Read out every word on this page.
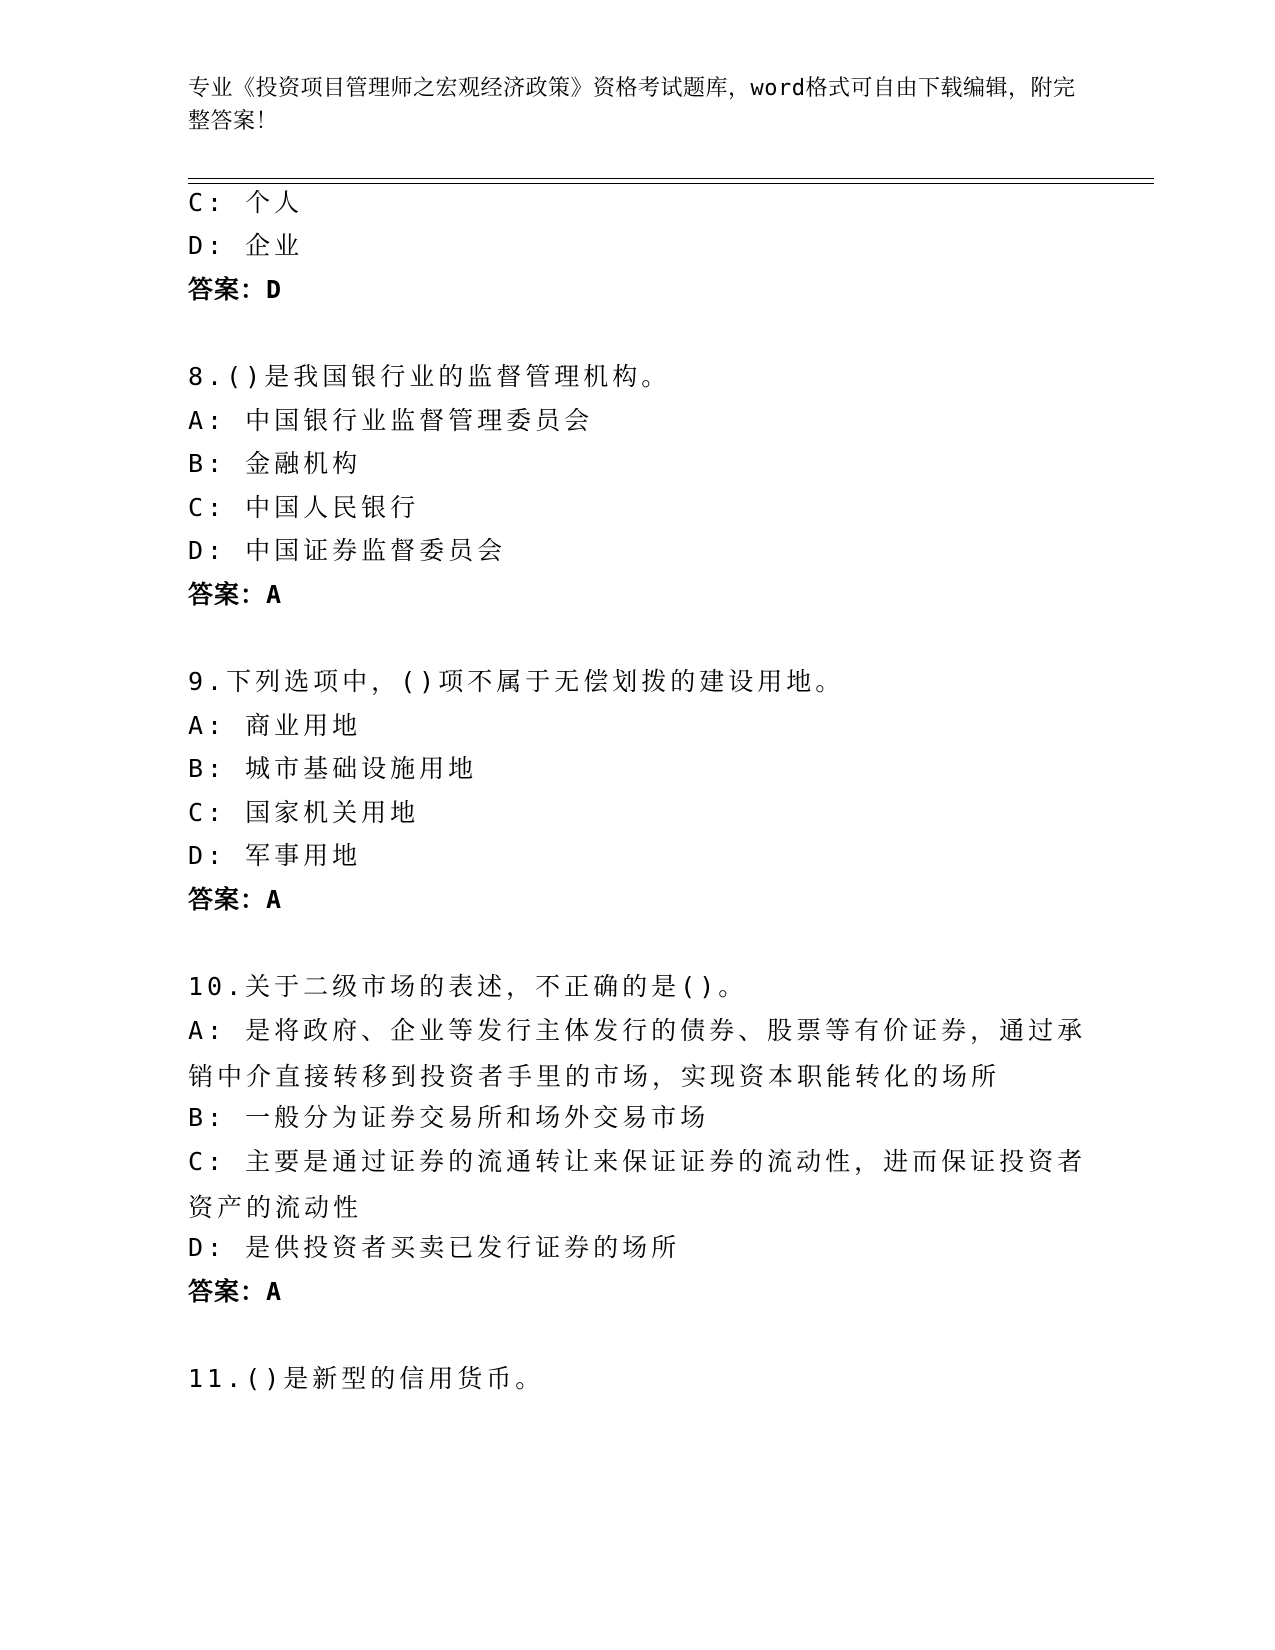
专业《投资项目管理师之宏观经济政策》资格考试题库，word格式可自由下载编辑，附完整答案！
C: 个人
D: 企业
答案：D
8.()是我国银行业的监督管理机构。
A: 中国银行业监督管理委员会
B: 金融机构
C: 中国人民银行
D: 中国证券监督委员会
答案：A
9.下列选项中，()项不属于无偿划拨的建设用地。
A: 商业用地
B: 城市基础设施用地
C: 国家机关用地
D: 军事用地
答案：A
10.关于二级市场的表述，不正确的是()。
A: 是将政府、企业等发行主体发行的债券、股票等有价证券，通过承销中介直接转移到投资者手里的市场，实现资本职能转化的场所
B: 一般分为证券交易所和场外交易市场
C: 主要是通过证券的流通转让来保证证券的流动性，进而保证投资者资产的流动性
D: 是供投资者买卖已发行证券的场所
答案：A
11.()是新型的信用货币。
